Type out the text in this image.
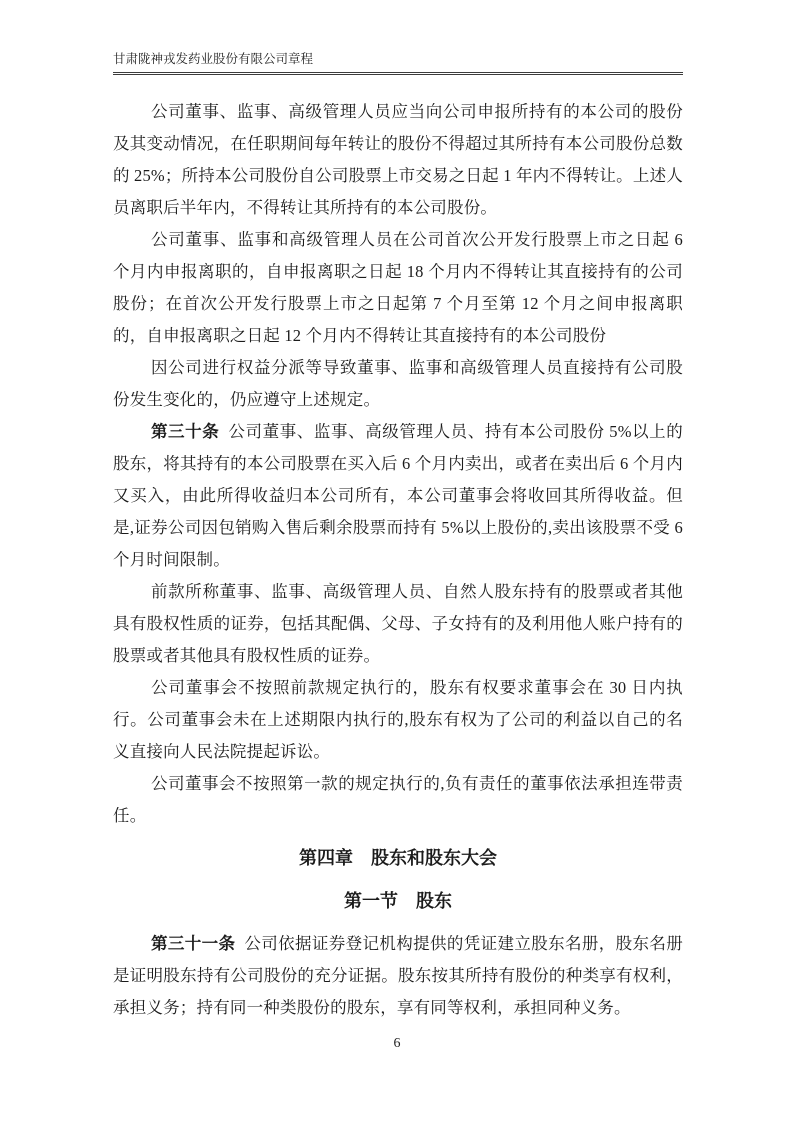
甘肃陇神戎发药业股份有限公司章程

公司董事、监事、高级管理人员应当向公司申报所持有的本公司的股份及其变动情况，在任职期间每年转让的股份不得超过其所持有本公司股份总数的 25%；所持本公司股份自公司股票上市交易之日起 1 年内不得转让。上述人员离职后半年内，不得转让其所持有的本公司股份。

公司董事、监事和高级管理人员在公司首次公开发行股票上市之日起 6 个月内申报离职的，自申报离职之日起 18 个月内不得转让其直接持有的公司股份；在首次公开发行股票上市之日起第 7 个月至第 12 个月之间申报离职的，自申报离职之日起 12 个月内不得转让其直接持有的本公司股份

因公司进行权益分派等导致董事、监事和高级管理人员直接持有公司股份发生变化的，仍应遵守上述规定。

第三十条 公司董事、监事、高级管理人员、持有本公司股份 5%以上的股东，将其持有的本公司股票在买入后 6 个月内卖出，或者在卖出后 6 个月内又买入，由此所得收益归本公司所有，本公司董事会将收回其所得收益。但是,证券公司因包销购入售后剩余股票而持有 5%以上股份的,卖出该股票不受 6 个月时间限制。

前款所称董事、监事、高级管理人员、自然人股东持有的股票或者其他具有股权性质的证券，包括其配偶、父母、子女持有的及利用他人账户持有的股票或者其他具有股权性质的证券。

公司董事会不按照前款规定执行的，股东有权要求董事会在 30 日内执行。公司董事会未在上述期限内执行的,股东有权为了公司的利益以自己的名义直接向人民法院提起诉讼。

公司董事会不按照第一款的规定执行的,负有责任的董事依法承担连带责任。

第四章　股东和股东大会
第一节　股东

第三十一条 公司依据证券登记机构提供的凭证建立股东名册，股东名册是证明股东持有公司股份的充分证据。股东按其所持有股份的种类享有权利，承担义务；持有同一种类股份的股东，享有同等权利，承担同种义务。

6
